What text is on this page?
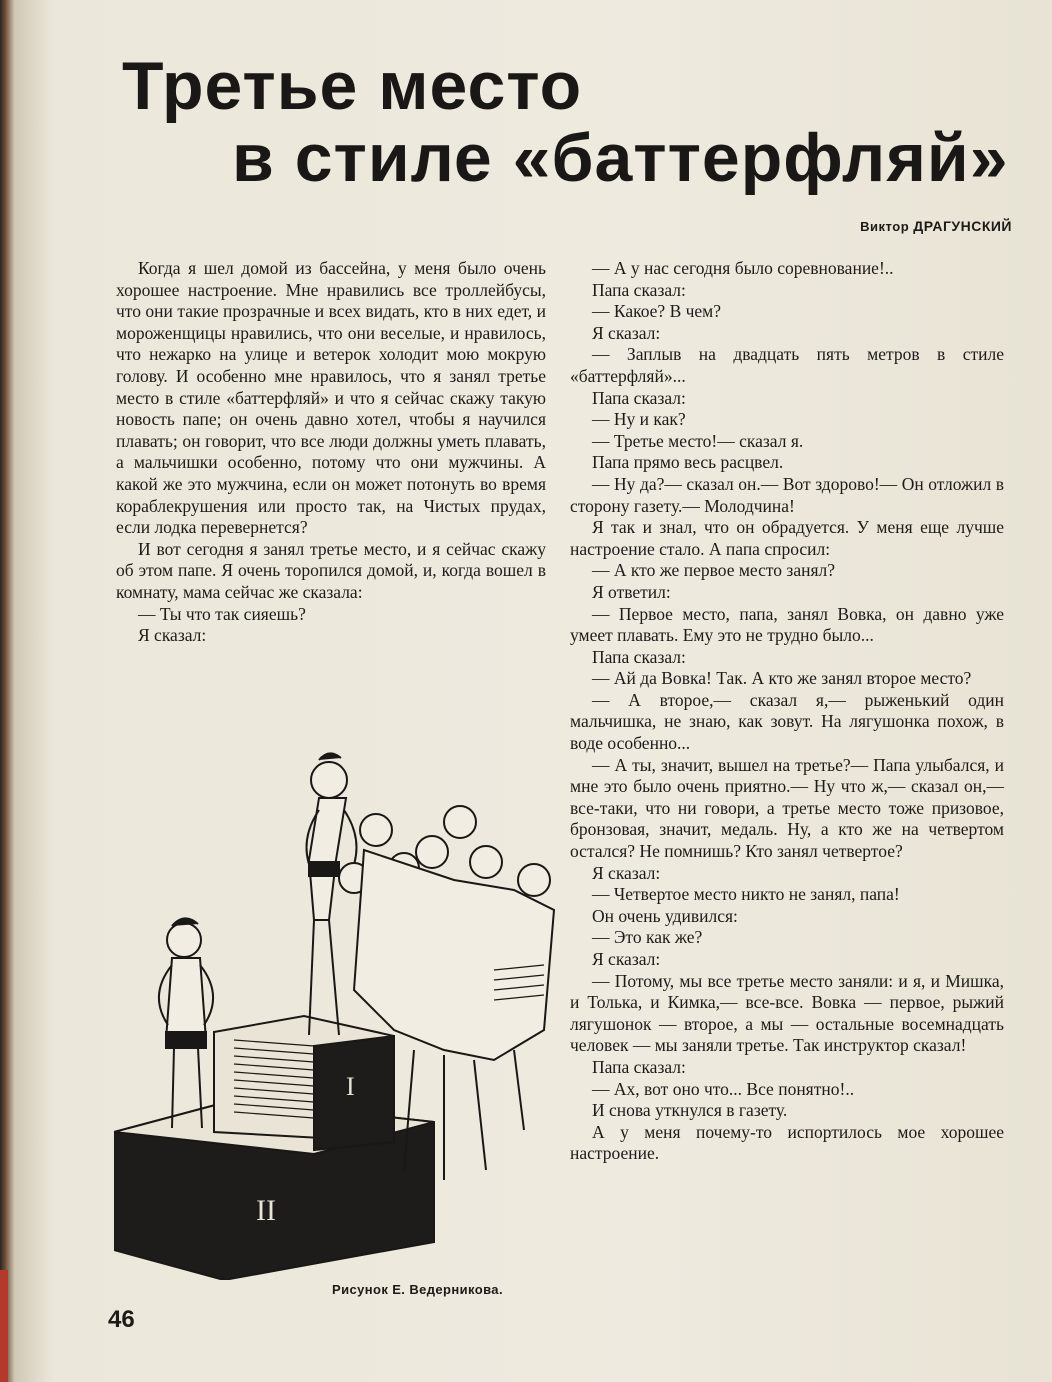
Третье место
в стиле «баттерфляй»
Виктор ДРАГУНСКИЙ

Когда я шел домой из бассейна, у меня было очень хорошее настроение. Мне нравились все троллейбусы, что они такие прозрачные и всех видать, кто в них едет, и мороженщицы нравились, что они веселые, и нравилось, что нежарко на улице и ветерок холодит мою мокрую голову. И особенно мне нравилось, что я занял третье место в стиле «баттерфляй» и что я сейчас скажу такую новость папе; он очень давно хотел, чтобы я научился плавать; он говорит, что все люди должны уметь плавать, а мальчишки особенно, потому что они мужчины. А какой же это мужчина, если он может потонуть во время кораблекрушения или просто так, на Чистых прудах, если лодка перевернется?

И вот сегодня я занял третье место, и я сейчас скажу об этом папе. Я очень торопился домой, и, когда вошел в комнату, мама сейчас же сказала:

— Ты что так сияешь?

Я сказал:

— А у нас сегодня было соревнование!..

Папа сказал:

— Какое? В чем?

Я сказал:

— Заплыв на двадцать пять метров в стиле «баттерфляй»...

Папа сказал:

— Ну и как?

— Третье место!— сказал я.

Папа прямо весь расцвел.

— Ну да?— сказал он.— Вот здорово!— Он отложил в сторону газету.— Молодчина!

Я так и знал, что он обрадуется. У меня еще лучше настроение стало. А папа спросил:

— А кто же первое место занял?

Я ответил:

— Первое место, папа, занял Вовка, он давно уже умеет плавать. Ему это не трудно было...

Папа сказал:

— Ай да Вовка! Так. А кто же занял второе место?

— А второе,— сказал я,— рыженький один мальчишка, не знаю, как зовут. На лягушонка похож, в воде особенно...

— А ты, значит, вышел на третье?— Папа улыбался, и мне это было очень приятно.— Ну что ж,— сказал он,— все-таки, что ни говори, а третье место тоже призовое, бронзовая, значит, медаль. Ну, а кто же на четвертом остался? Не помнишь? Кто занял четвертое?

Я сказал:

— Четвертое место никто не занял, папа!

Он очень удивился:

— Это как же?

Я сказал:

— Потому, мы все третье место заняли: и я, и Мишка, и Толька, и Кимка,— все-все. Вовка — первое, рыжий лягушонок — второе, а мы — остальные восемнадцать человек — мы заняли третье. Так инструктор сказал!

Папа сказал:

— Ах, вот оно что... Все понятно!..

И снова уткнулся в газету.

А у меня почему-то испортилось мое хорошее настроение.

I
II
Рисунок Е. Ведерникова.
46
